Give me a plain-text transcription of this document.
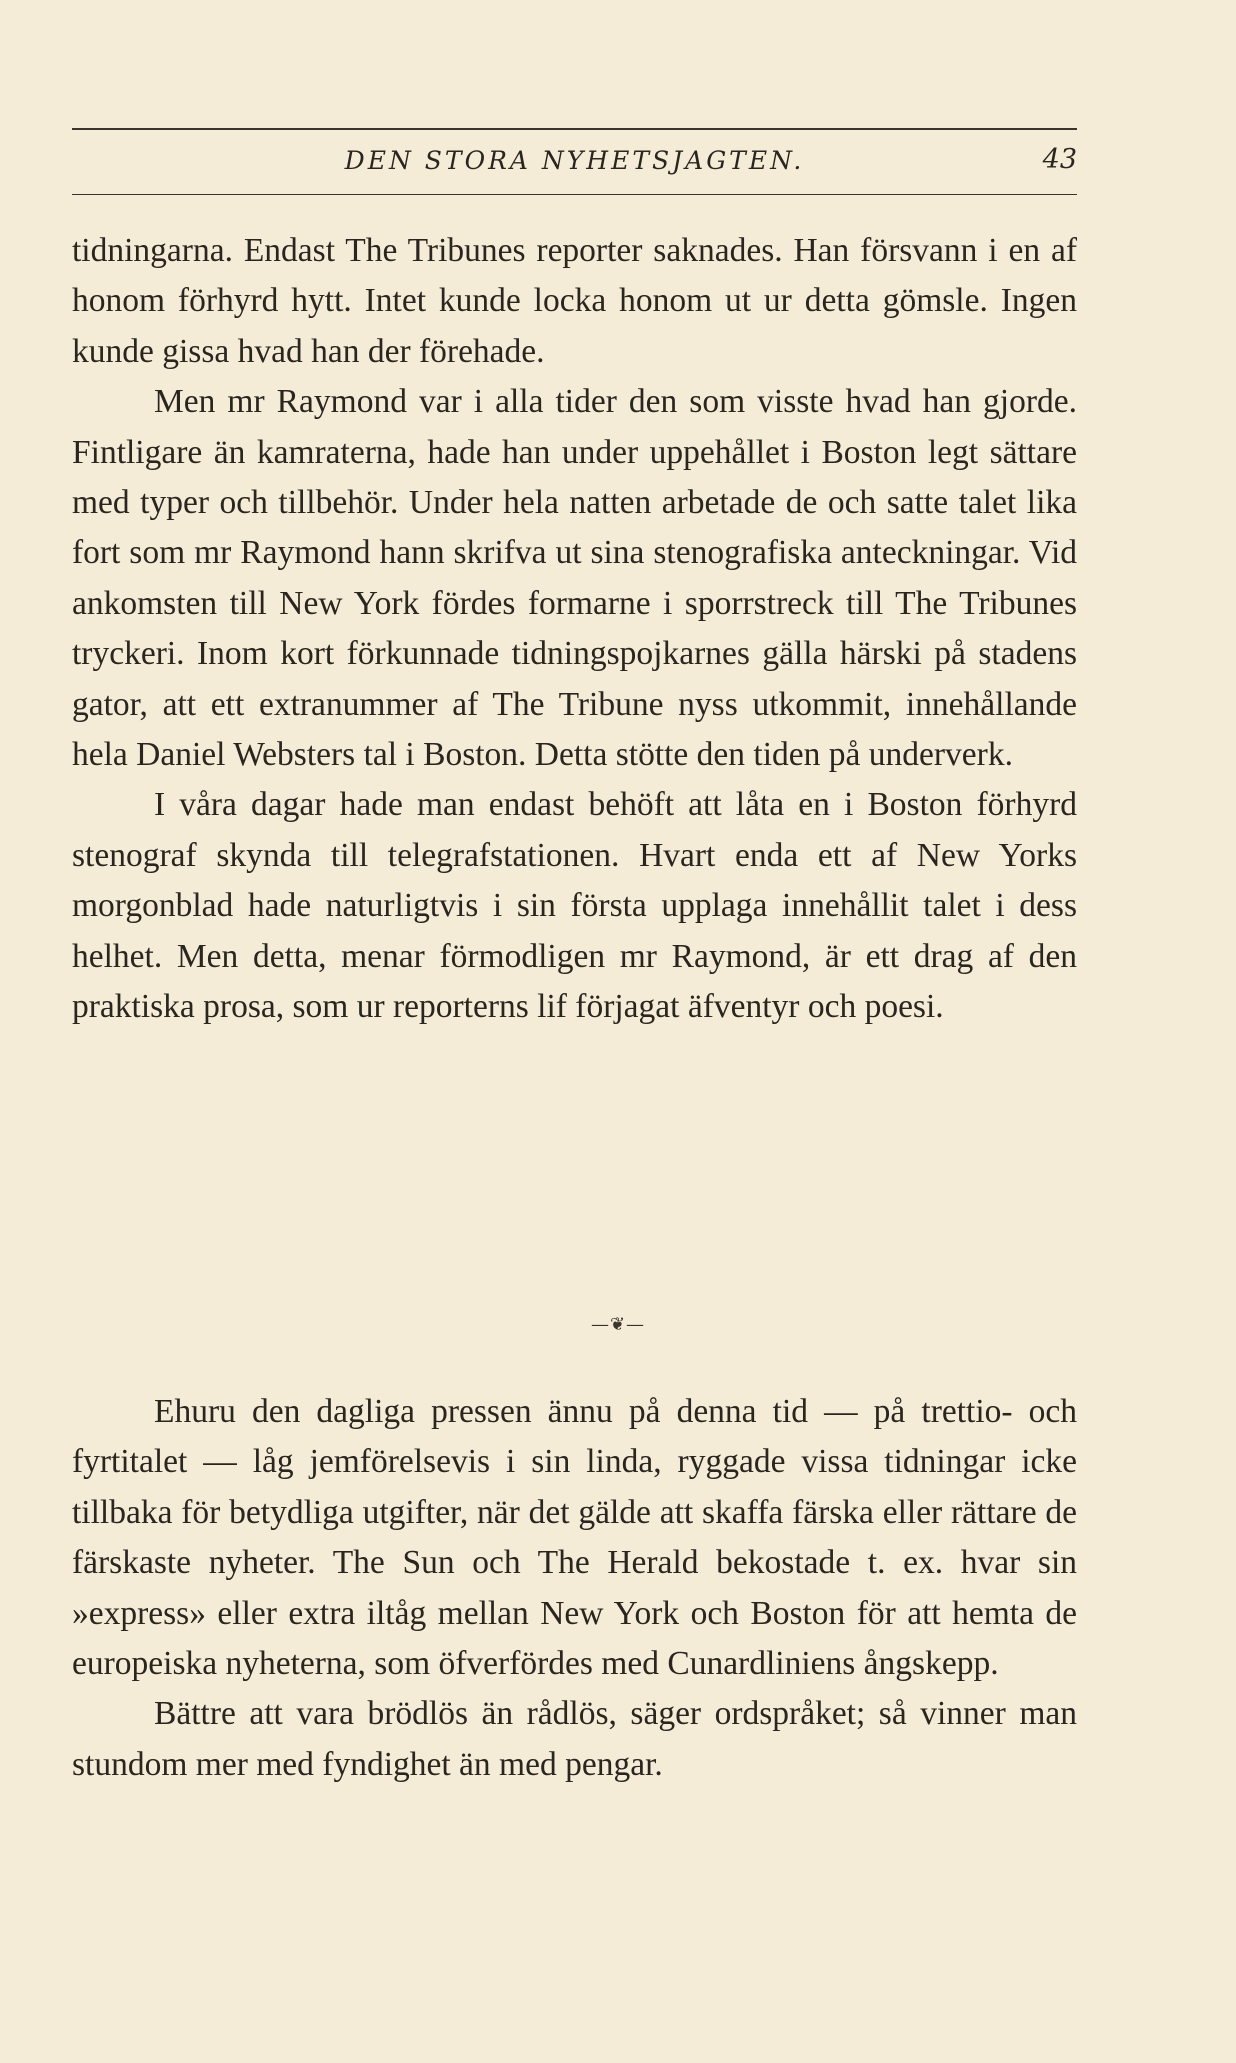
DEN STORA NYHETSJAGTEN.	43

tidningarna. Endast The Tribunes reporter saknades. Han försvann i en af honom förhyrd hytt. Intet kunde locka honom ut ur detta gömsle. Ingen kunde gissa hvad han der förehade.

Men mr Raymond var i alla tider den som visste hvad han gjorde. Fintligare än kamraterna, hade han under uppehållet i Boston legt sättare med typer och tillbehör. Under hela natten arbetade de och satte talet lika fort som mr Raymond hann skrifva ut sina stenografiska anteckningar. Vid ankomsten till New York fördes formarne i sporrstreck till The Tribunes tryckeri. Inom kort förkunnade tidningspojkarnes gälla härski på stadens gator, att ett extranummer af The Tribune nyss utkommit, innehållande hela Daniel Websters tal i Boston. Detta stötte den tiden på underverk.

I våra dagar hade man endast behöft att låta en i Boston förhyrd stenograf skynda till telegrafstationen. Hvart enda ett af New Yorks morgonblad hade naturligtvis i sin första upplaga innehållit talet i dess helhet. Men detta, menar förmodligen mr Raymond, är ett drag af den praktiska prosa, som ur reporterns lif förjagat äfventyr och poesi.

—❦—

Ehuru den dagliga pressen ännu på denna tid — på trettio- och fyrtitalet — låg jemförelsevis i sin linda, ryggade vissa tidningar icke tillbaka för betydliga utgifter, när det gälde att skaffa färska eller rättare de färskaste nyheter. The Sun och The Herald bekostade t. ex. hvar sin »express» eller extra iltåg mellan New York och Boston för att hemta de europeiska nyheterna, som öfverfördes med Cunardliniens ångskepp.

Bättre att vara brödlös än rådlös, säger ordspråket; så vinner man stundom mer med fyndighet än med pengar.
